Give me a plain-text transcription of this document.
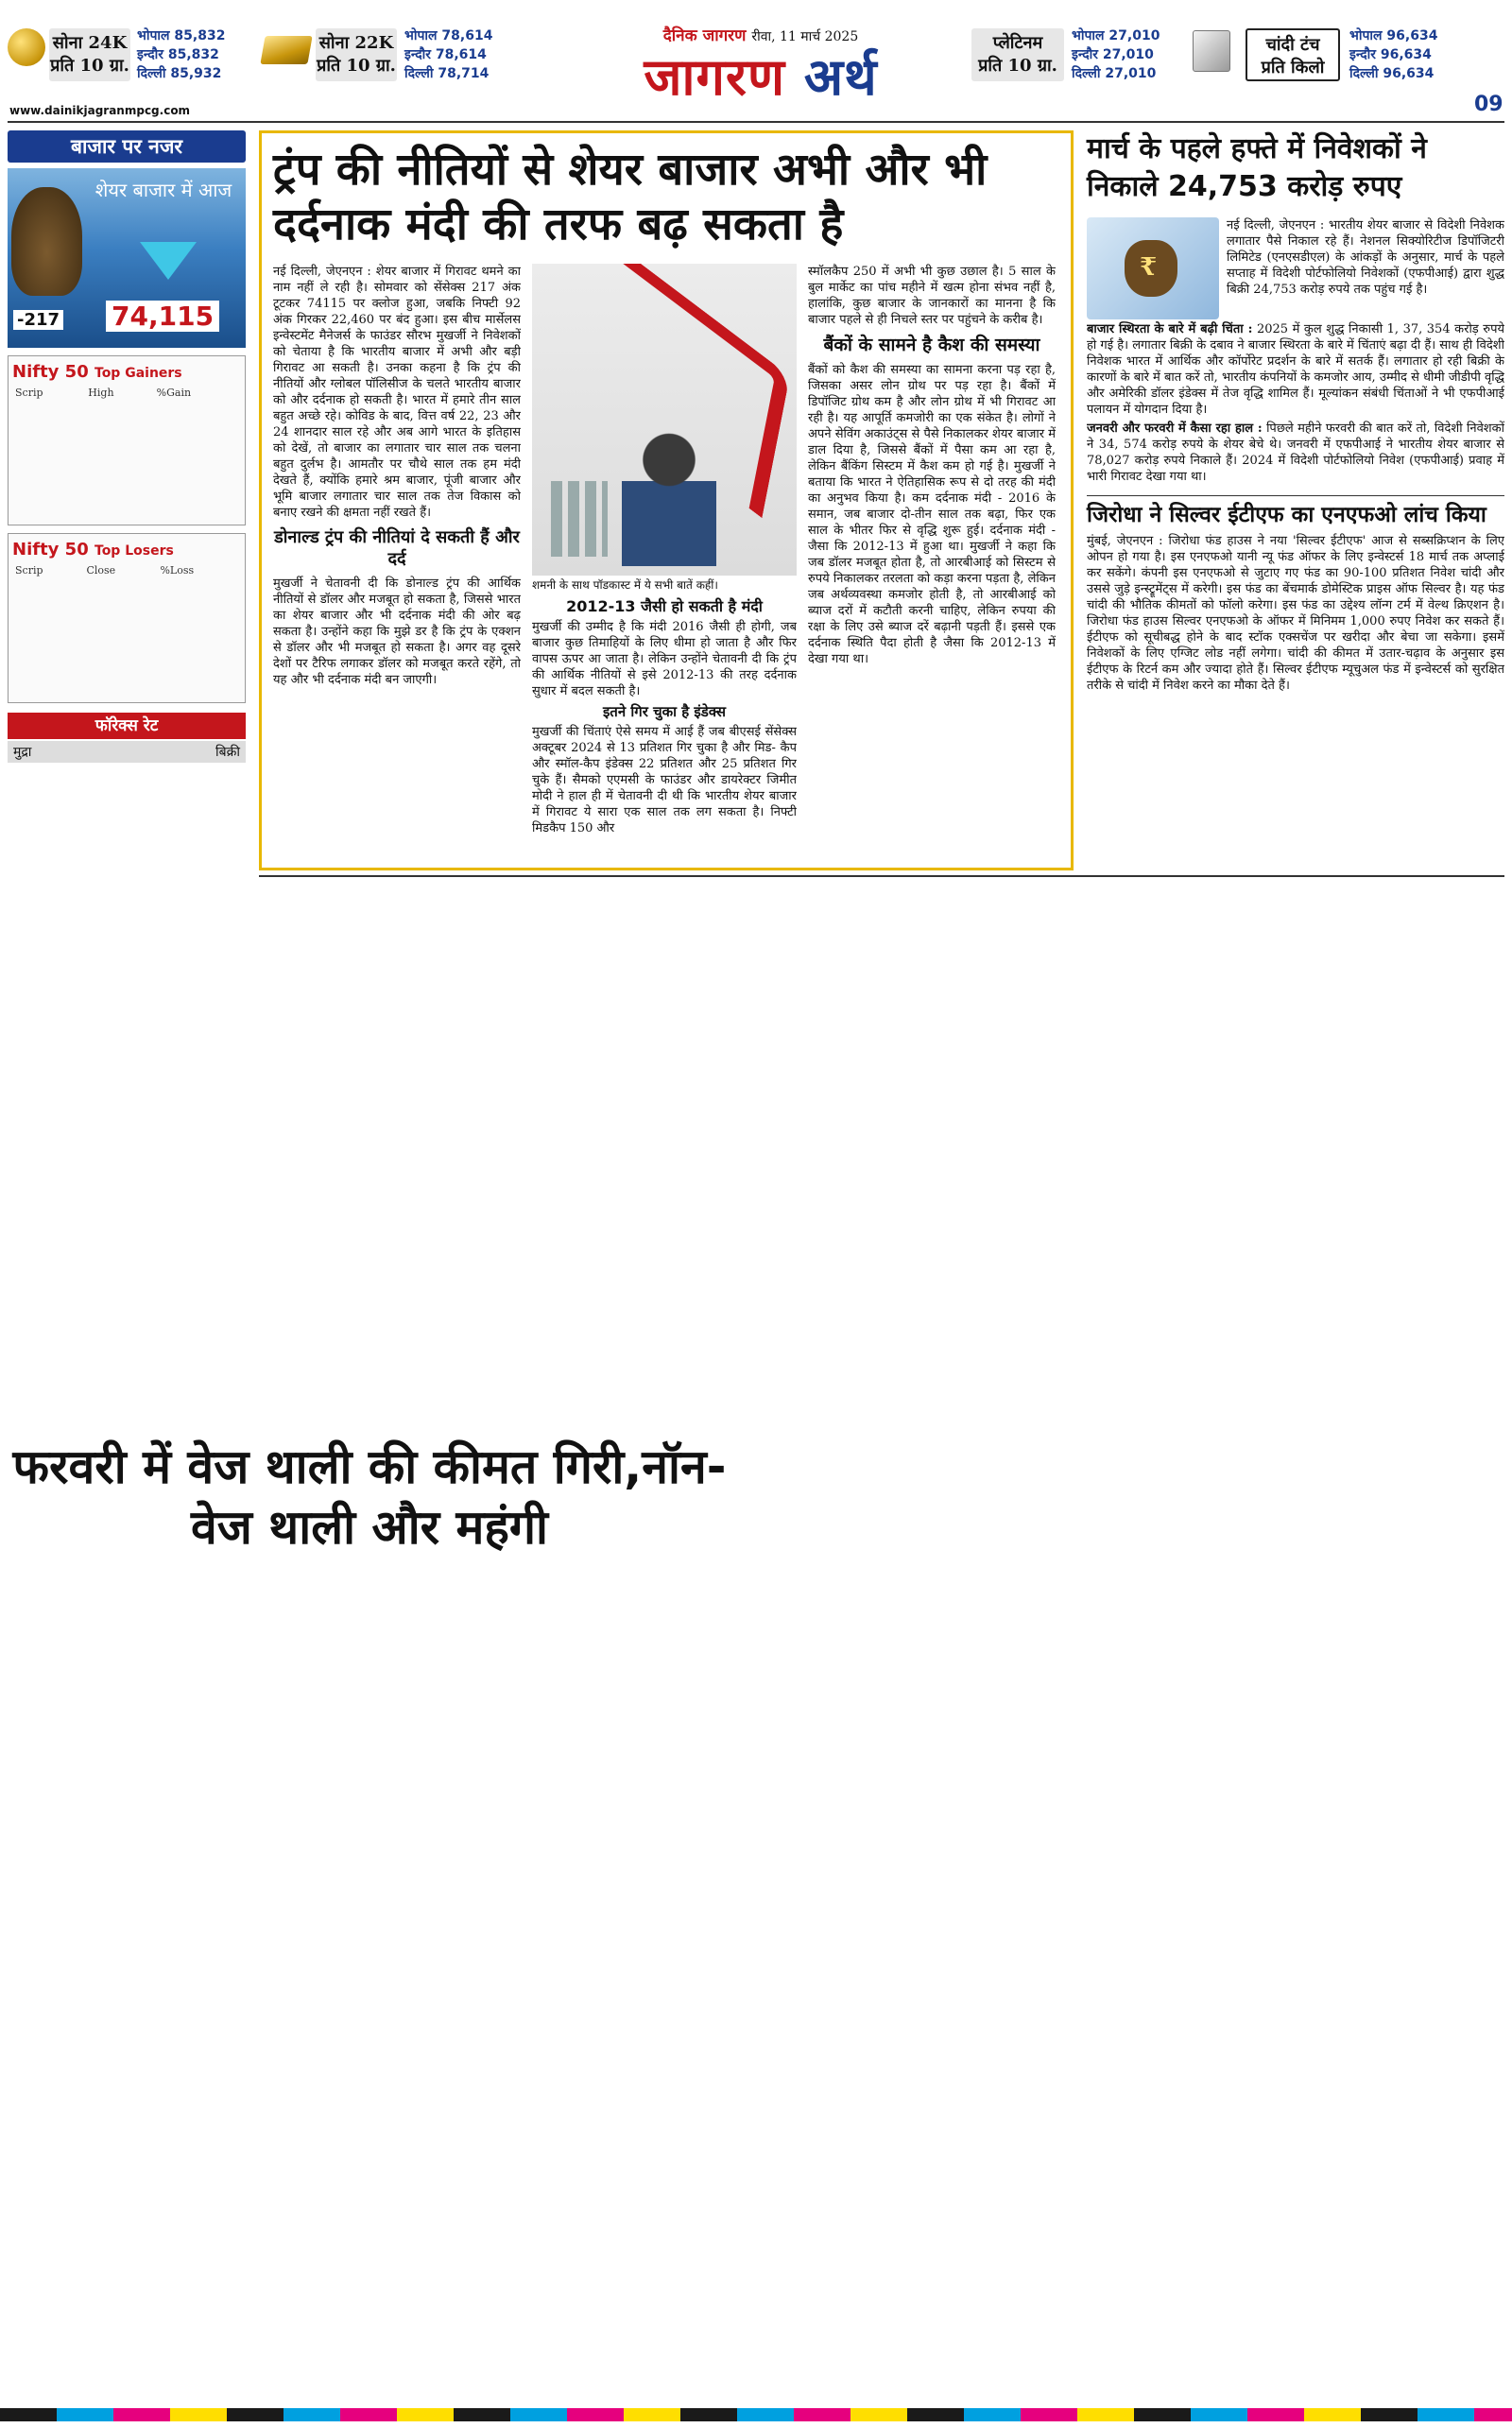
सोना 24K
प्रति 10 ग्रा.
भोपाल 85,832
इन्दौर 85,832
दिल्ली 85,932
सोना 22K
प्रति 10 ग्रा.
भोपाल 78,614
इन्दौर 78,614
दिल्ली 78,714
दैनिक जागरण रीवा, 11 मार्च 2025
जागरण अर्थ
प्लेटिनम
प्रति 10 ग्रा.
भोपाल 27,010
इन्दौर 27,010
दिल्ली 27,010
चांदी टंच
प्रति किलो
भोपाल 96,634
इन्दौर 96,634
दिल्ली 96,634
www.dainikjagranmpcg.com	09
बाजार पर नजर
शेयर बाजार में आज
-217 74,115
Nifty 50 Top Gainers
Scrip	High	%Gain
Nifty 50 Top Losers
Scrip	Close	%Loss
फॉरेक्स रेट
मुद्रा		बिक्री
ट्रंप की नीतियों से शेयर बाजार अभी और भी दर्दनाक मंदी की तरफ बढ़ सकता है

नई दिल्ली, जेएनएन : शेयर बाजार में गिरावट थमने का नाम नहीं ले रही है। सोमवार को सेंसेक्स 217 अंक टूटकर 74115 पर क्लोज हुआ, जबकि निफ्टी 92 अंक गिरकर 22,460 पर बंद हुआ। इस बीच मार्सेलस इन्वेस्टमेंट मैनेजर्स के फाउंडर सौरभ मुखर्जी ने निवेशकों को चेताया है कि भारतीय बाजार में अभी और बड़ी गिरावट आ सकती है। उनका कहना है कि ट्रंप की नीतियों और ग्लोबल पॉलिसीज के चलते भारतीय बाजार को और दर्दनाक हो सकती है। भारत में हमारे तीन साल बहुत अच्छे रहे। कोविड के बाद, वित्त वर्ष 22, 23 और 24 शानदार साल रहे और अब आगे भारत के इतिहास को देखें, तो बाजार का लगातार चार साल तक चलना बहुत दुर्लभ है। आमतौर पर चौथे साल तक हम मंदी देखते हैं, क्योंकि हमारे श्रम बाजार, पूंजी बाजार और भूमि बाजार लगातार चार साल तक तेज विकास को बनाए रखने की क्षमता नहीं रखते हैं।

डोनाल्ड ट्रंप की नीतियां दे सकती हैं और दर्द

मुखर्जी ने चेतावनी दी कि डोनाल्ड ट्रंप की आर्थिक नीतियों से डॉलर और मजबूत हो सकता है, जिससे भारत का शेयर बाजार और भी दर्दनाक मंदी की ओर बढ़ सकता है। उन्होंने कहा कि मुझे डर है कि ट्रंप के एक्शन से डॉलर और भी मजबूत हो सकता है। अगर वह दूसरे देशों पर टैरिफ लगाकर डॉलर को मजबूत करते रहेंगे, तो यह और भी दर्दनाक मंदी बन जाएगी।

शमनी के साथ पॉडकास्ट में ये सभी बातें कहीं।
2012-13 जैसी हो सकती है मंदी

मुखर्जी की उम्मीद है कि मंदी 2016 जैसी ही होगी, जब बाजार कुछ तिमाहियों के लिए धीमा हो जाता है और फिर वापस ऊपर आ जाता है। लेकिन उन्होंने चेतावनी दी कि ट्रंप की आर्थिक नीतियों से इसे 2012-13 की तरह दर्दनाक सुधार में बदल सकती है।

इतने गिर चुका है इंडेक्स

मुखर्जी की चिंताएं ऐसे समय में आई हैं जब बीएसई सेंसेक्स अक्टूबर 2024 से 13 प्रतिशत गिर चुका है और मिड- कैप और स्मॉल-कैप इंडेक्स 22 प्रतिशत और 25 प्रतिशत गिर चुके हैं। सैमको एएमसी के फाउंडर और डायरेक्टर जिमीत मोदी ने हाल ही में चेतावनी दी थी कि भारतीय शेयर बाजार में गिरावट ये सारा एक साल तक लग सकता है। निफ्टी मिडकैप 150 और

स्मॉलकैप 250 में अभी भी कुछ उछाल है। 5 साल के बुल मार्केट का पांच महीने में खत्म होना संभव नहीं है, हालांकि, कुछ बाजार के जानकारों का मानना है कि बाजार पहले से ही निचले स्तर पर पहुंचने के करीब है।

बैंकों के सामने है कैश की समस्या

बैंकों को कैश की समस्या का सामना करना पड़ रहा है, जिसका असर लोन ग्रोथ पर पड़ रहा है। बैंकों में डिपॉजिट ग्रोथ कम है और लोन ग्रोथ में भी गिरावट आ रही है। यह आपूर्ति कमजोरी का एक संकेत है। लोगों ने अपने सेविंग अकाउंट्स से पैसे निकालकर शेयर बाजार में डाल दिया है, जिससे बैंकों में पैसा कम आ रहा है, लेकिन बैंकिंग सिस्टम में कैश कम हो गई है। मुखर्जी ने बताया कि भारत ने ऐतिहासिक रूप से दो तरह की मंदी का अनुभव किया है। कम दर्दनाक मंदी - 2016 के समान, जब बाजार दो-तीन साल तक बढ़ा, फिर एक साल के भीतर फिर से वृद्धि शुरू हुई। दर्दनाक मंदी - जैसा कि 2012-13 में हुआ था। मुखर्जी ने कहा कि जब डॉलर मजबूत होता है, तो आरबीआई को सिस्टम से रुपये निकालकर तरलता को कड़ा करना पड़ता है, लेकिन जब अर्थव्यवस्था कमजोर होती है, तो आरबीआई को ब्याज दरों में कटौती करनी चाहिए, लेकिन रुपया की रक्षा के लिए उसे ब्याज दरें बढ़ानी पड़ती हैं। इससे एक दर्दनाक स्थिति पैदा होती है जैसा कि 2012-13 में देखा गया था।

मार्च के पहले हफ्ते में निवेशकों ने निकाले 24,753 करोड़ रुपए
₹

नई दिल्ली, जेएनएन : भारतीय शेयर बाजार से विदेशी निवेशक लगातार पैसे निकाल रहे हैं। नेशनल सिक्योरिटीज डिपॉजिटरी लिमिटेड (एनएसडीएल) के आंकड़ों के अनुसार, मार्च के पहले सप्ताह में विदेशी पोर्टफोलियो निवेशकों (एफपीआई) द्वारा शुद्ध बिक्री 24,753 करोड़ रुपये तक पहुंच गई है।

बाजार स्थिरता के बारे में बढ़ी चिंता : 2025 में कुल शुद्ध निकासी 1, 37, 354 करोड़ रुपये हो गई है। लगातार बिक्री के दबाव ने बाजार स्थिरता के बारे में चिंताएं बढ़ा दी हैं। साथ ही विदेशी निवेशक भारत में आर्थिक और कॉर्पोरेट प्रदर्शन के बारे में सतर्क हैं। लगातार हो रही बिक्री के कारणों के बारे में बात करें तो, भारतीय कंपनियों के कमजोर आय, उम्मीद से धीमी जीडीपी वृद्धि और अमेरिकी डॉलर इंडेक्स में तेज वृद्धि शामिल हैं। मूल्यांकन संबंधी चिंताओं ने भी एफपीआई पलायन में योगदान दिया है।

जनवरी और फरवरी में कैसा रहा हाल : पिछले महीने फरवरी की बात करें तो, विदेशी निवेशकों ने 34, 574 करोड़ रुपये के शेयर बेचे थे। जनवरी में एफपीआई ने भारतीय शेयर बाजार से 78,027 करोड़ रुपये निकाले हैं। 2024 में विदेशी पोर्टफोलियो निवेश (एफपीआई) प्रवाह में भारी गिरावट देखा गया था।

जिरोधा ने सिल्वर ईटीएफ का एनएफओ लांच किया

मुंबई, जेएनएन : जिरोधा फंड हाउस ने नया 'सिल्वर ईटीएफ' आज से सब्सक्रिप्शन के लिए ओपन हो गया है। इस एनएफओ यानी न्यू फंड ऑफर के लिए इन्वेस्टर्स 18 मार्च तक अप्लाई कर सकेंगे। कंपनी इस एनएफओ से जुटाए गए फंड का 90-100 प्रतिशत निवेश चांदी और उससे जुड़े इन्स्ट्रूमेंट्स में करेगी। इस फंड का बेंचमार्क डोमेस्टिक प्राइस ऑफ सिल्वर है। यह फंड चांदी की भौतिक कीमतों को फॉलो करेगा। इस फंड का उद्देश्य लॉन्ग टर्म में वेल्थ क्रिएशन है। जिरोधा फंड हाउस सिल्वर एनएफओ के ऑफर में मिनिमम 1,000 रुपए निवेश कर सकते हैं। ईटीएफ को सूचीबद्ध होने के बाद स्टॉक एक्सचेंज पर खरीदा और बेचा जा सकेगा। इसमें निवेशकों के लिए एग्जिट लोड नहीं लगेगा। चांदी की कीमत में उतार-चढ़ाव के अनुसार इस ईटीएफ के रिटर्न कम और ज्यादा होते हैं। सिल्वर ईटीएफ म्यूचुअल फंड में इन्वेस्टर्स को सुरक्षित तरीके से चांदी में निवेश करने का मौका देते हैं।

फरवरी में वेज थाली की कीमत गिरी,नॉन-वेज थाली और महंगी
